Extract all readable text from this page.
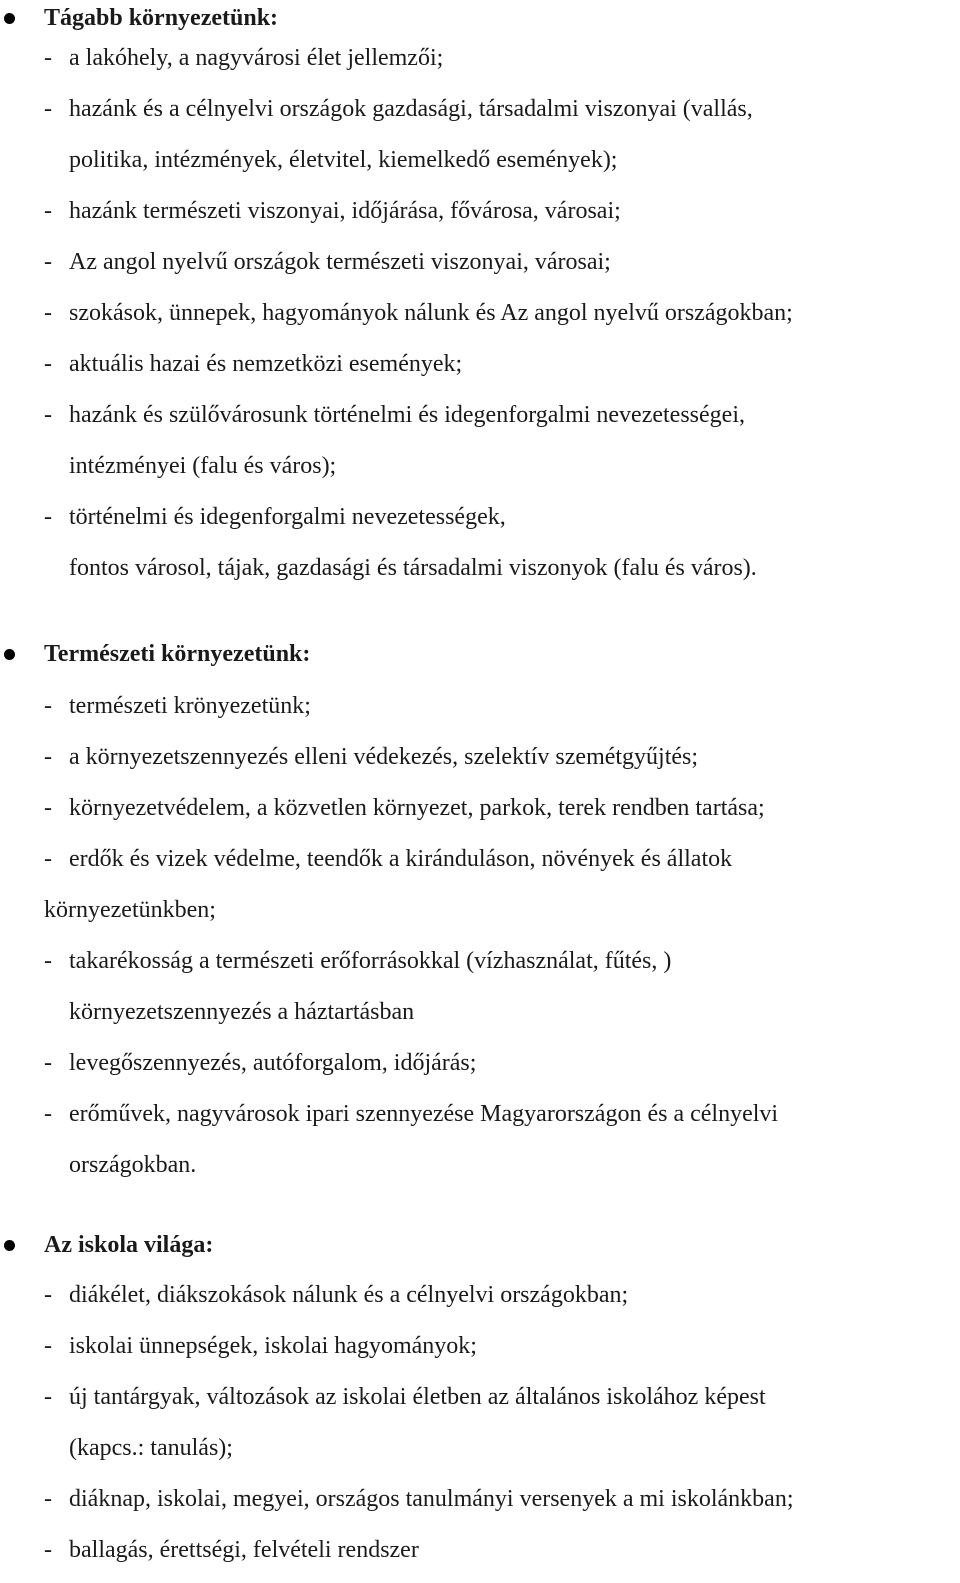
Tágabb környezetünk:
- a lakóhely, a nagyvárosi élet jellemzői;
- hazánk és a célnyelvi országok gazdasági, társadalmi viszonyai (vallás,
politika, intézmények, életvitel, kiemelkedő események);
- hazánk természeti viszonyai, időjárása, fővárosa, városai;
- Az angol nyelvű országok természeti viszonyai, városai;
- szokások, ünnepek, hagyományok nálunk és Az angol nyelvű országokban;
- aktuális hazai és nemzetközi események;
- hazánk és szülővárosunk történelmi és idegenforgalmi nevezetességei,
intézményei (falu és város);
- történelmi és idegenforgalmi nevezetességek,
fontos városol, tájak, gazdasági és társadalmi viszonyok (falu és város).
Természeti környezetünk:
- természeti krönyezetünk;
- a környezetszennyezés elleni védekezés, szelektív szemétgyűjtés;
- környezetvédelem, a közvetlen környezet, parkok, terek rendben tartása;
- erdők és vizek védelme, teendők a kiránduláson, növények és állatok
környezetünkben;
- takarékosság a természeti erőforrásokkal (vízhasználat, fűtés, )
környezetszennyezés a háztartásban
- levegőszennyezés, autóforgalom, időjárás;
- erőművek, nagyvárosok ipari szennyezése Magyarországon és a célnyelvi
országokban.
Az iskola világa:
- diákélet, diákszokások nálunk és a célnyelvi országokban;
- iskolai ünnepségek, iskolai hagyományok;
- új tantárgyak, változások az iskolai életben az általános iskolához képest
(kapcs.: tanulás);
- diáknap, iskolai, megyei, országos tanulmányi versenyek a mi iskolánkban;
- ballagás, érettségi, felvételi rendszer
